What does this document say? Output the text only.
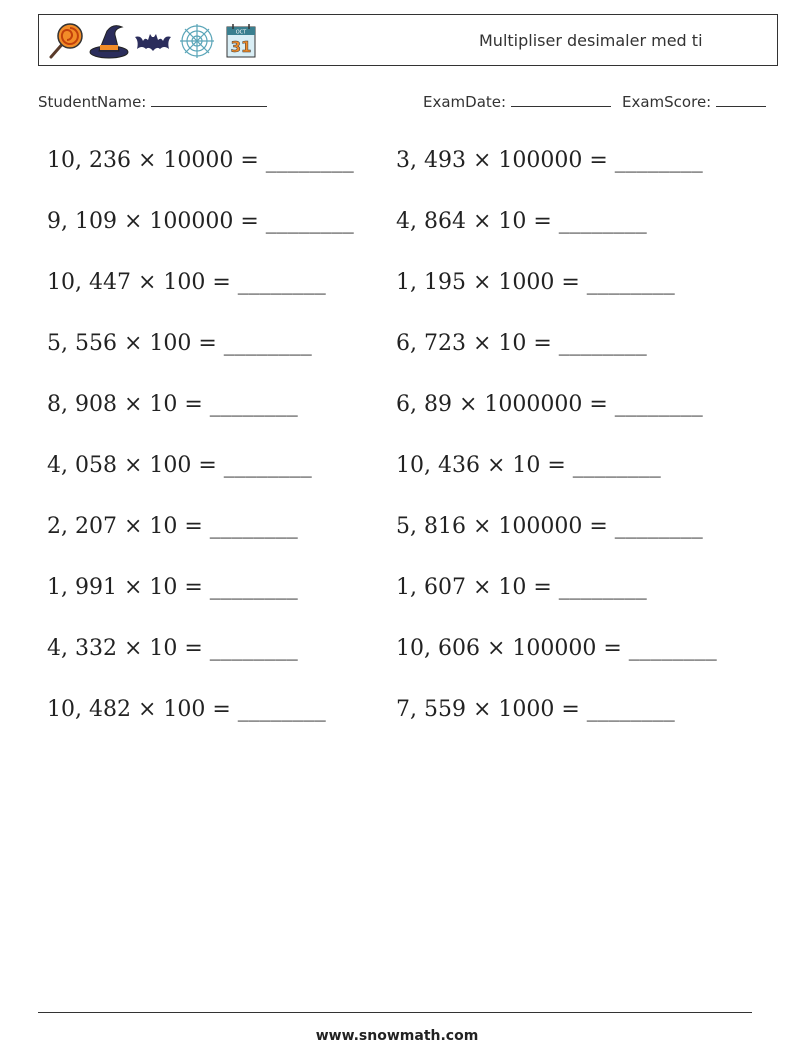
OCT
31	Multipliser desimaler med ti
StudentName:	ExamDate:	ExamScore:
10, 236 × 10000 = ________
9, 109 × 100000 = ________
10, 447 × 100 = ________
5, 556 × 100 = ________
8, 908 × 10 = ________
4, 058 × 100 = ________
2, 207 × 10 = ________
1, 991 × 10 = ________
4, 332 × 10 = ________
10, 482 × 100 = ________
3, 493 × 100000 = ________
4, 864 × 10 = ________
1, 195 × 1000 = ________
6, 723 × 10 = ________
6, 89 × 1000000 = ________
10, 436 × 10 = ________
5, 816 × 100000 = ________
1, 607 × 10 = ________
10, 606 × 100000 = ________
7, 559 × 1000 = ________
www.snowmath.com
